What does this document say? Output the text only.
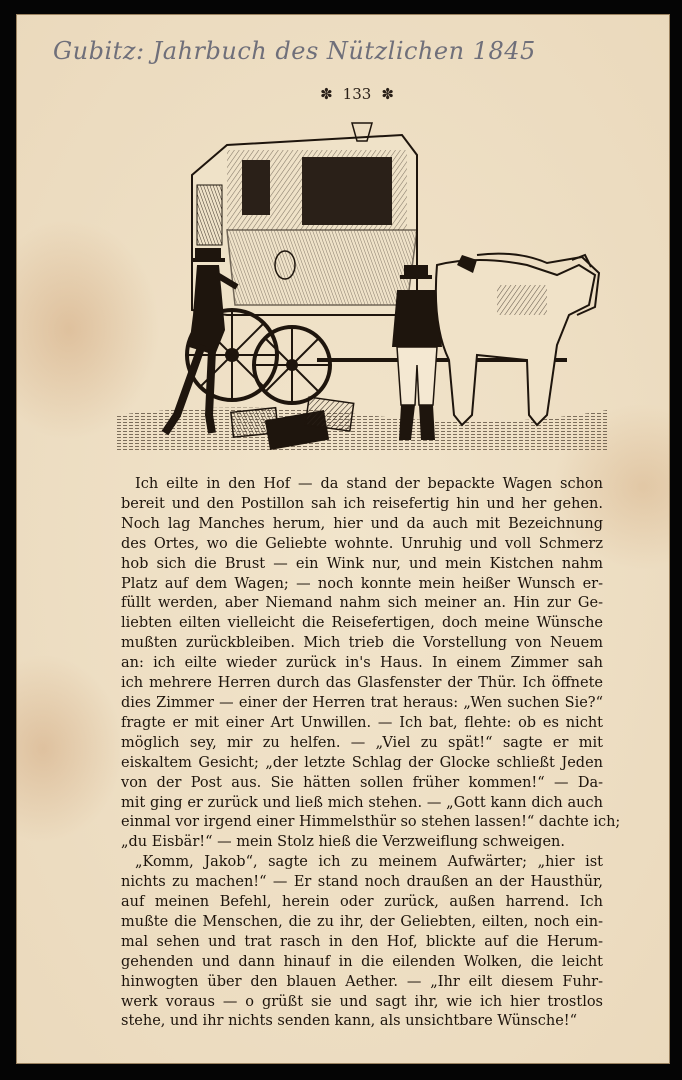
Gubitz: Jahrbuch des Nützlichen 1845
✽ 133 ✽
Ich eilte in den Hof — da stand der bepackte Wagen schon
bereit und den Postillon sah ich reisefertig hin und her gehen.
Noch lag Manches herum, hier und da auch mit Bezeichnung
des Ortes, wo die Geliebte wohnte. Unruhig und voll Schmerz
hob sich die Brust — ein Wink nur, und mein Kistchen nahm
Platz auf dem Wagen; — noch konnte mein heißer Wunsch er-
füllt werden, aber Niemand nahm sich meiner an. Hin zur Ge-
liebten eilten vielleicht die Reisefertigen, doch meine Wünsche
mußten zurückbleiben. Mich trieb die Vorstellung von Neuem
an: ich eilte wieder zurück in's Haus. In einem Zimmer sah
ich mehrere Herren durch das Glasfenster der Thür. Ich öffnete
dies Zimmer — einer der Herren trat heraus: „Wen suchen Sie?“
fragte er mit einer Art Unwillen. — Ich bat, flehte: ob es nicht
möglich sey, mir zu helfen. — „Viel zu spät!“ sagte er mit
eiskaltem Gesicht; „der letzte Schlag der Glocke schließt Jeden
von der Post aus. Sie hätten sollen früher kommen!“ — Da-
mit ging er zurück und ließ mich stehen. — „Gott kann dich auch
einmal vor irgend einer Himmelsthür so stehen lassen!“ dachte ich;
„du Eisbär!“ — mein Stolz hieß die Verzweiflung schweigen.
„Komm, Jakob“, sagte ich zu meinem Aufwärter; „hier ist
nichts zu machen!“ — Er stand noch draußen an der Hausthür,
auf meinen Befehl, herein oder zurück, außen harrend. Ich
mußte die Menschen, die zu ihr, der Geliebten, eilten, noch ein-
mal sehen und trat rasch in den Hof, blickte auf die Herum-
gehenden und dann hinauf in die eilenden Wolken, die leicht
hinwogten über den blauen Aether. — „Ihr eilt diesem Fuhr-
werk voraus — o grüßt sie und sagt ihr, wie ich hier trostlos
stehe, und ihr nichts senden kann, als unsichtbare Wünsche!“
